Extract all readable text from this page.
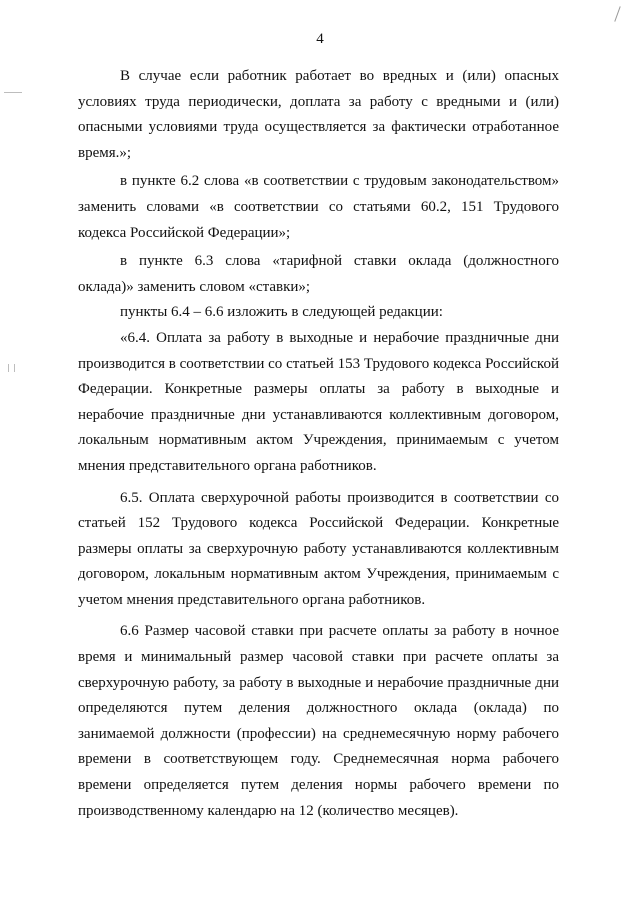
4

В случае если работник работает во вредных и (или) опасных условиях труда периодически, доплата за работу с вредными и (или) опасными условиями труда осуществляется за фактически отработанное время.»;

в пункте 6.2 слова «в соответствии с трудовым законодательством» заменить словами «в соответствии со статьями 60.2, 151 Трудового кодекса Российской Федерации»;

в пункте 6.3 слова «тарифной ставки оклада (должностного оклада)» заменить словом «ставки»;

пункты 6.4 – 6.6 изложить в следующей редакции:

«6.4. Оплата за работу в выходные и нерабочие праздничные дни производится в соответствии со статьей 153 Трудового кодекса Российской Федерации. Конкретные размеры оплаты за работу в выходные и нерабочие праздничные дни устанавливаются коллективным договором, локальным нормативным актом Учреждения, принимаемым с учетом мнения представительного органа работников.

6.5. Оплата сверхурочной работы производится в соответствии со статьей 152 Трудового кодекса Российской Федерации. Конкретные размеры оплаты за сверхурочную работу устанавливаются коллективным договором, локальным нормативным актом Учреждения, принимаемым с учетом мнения представительного органа работников.

6.6 Размер часовой ставки при расчете оплаты за работу в ночное время и минимальный размер часовой ставки при расчете оплаты за сверхурочную работу, за работу в выходные и нерабочие праздничные дни определяются путем деления должностного оклада (оклада) по занимаемой должности (профессии) на среднемесячную норму рабочего времени в соответствующем году. Среднемесячная норма рабочего времени определяется путем деления нормы рабочего времени по производственному календарю на 12 (количество месяцев).
